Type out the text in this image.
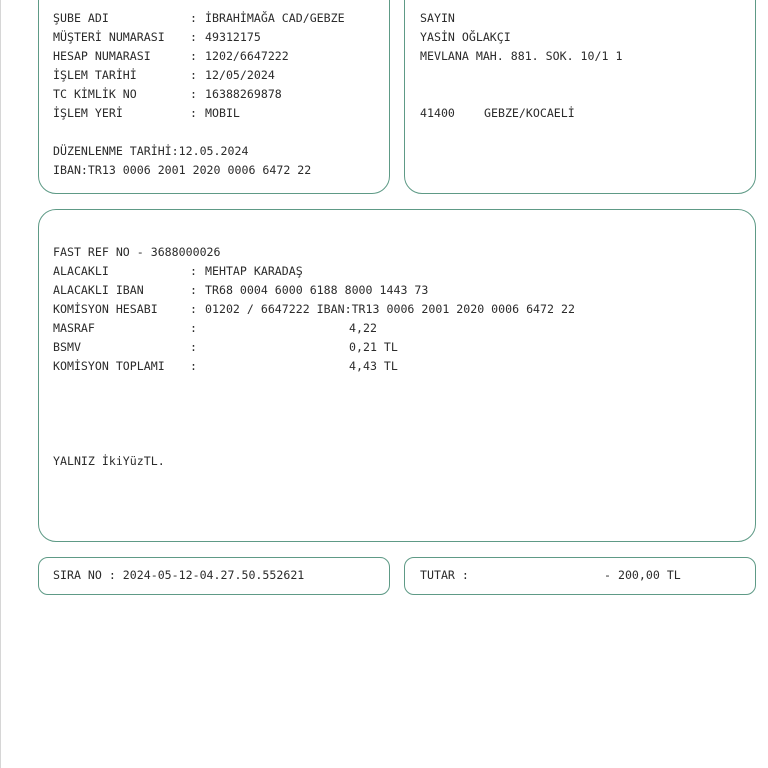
ŞUBE ADI	: İBRAHİMAĞA CAD/GEBZE
MÜŞTERİ NUMARASI : 49312175
HESAP NUMARASI	: 1202/6647222
İŞLEM TARİHİ	: 12/05/2024
TC KİMLİK NO	: 16388269878
İŞLEM YERİ	: MOBIL
DÜZENLENME TARİHİ:12.05.2024
IBAN:TR13 0006 2001 2020 0006 6472 22
SAYIN
YASİN OĞLAKÇI
MEVLANA MAH. 881. SOK. 10/1 1
41400	GEBZE/KOCAELİ
FAST REF NO - 3688000026
ALACAKLI	: MEHTAP KARADAŞ
ALACAKLI IBAN	: TR68 0004 6000 6188 8000 1443 73
KOMİSYON HESABI	: 01202 / 6647222 IBAN:TR13 0006 2001 2020 0006 6472 22
MASRAF	:	4,22
BSMV	:	0,21 TL
KOMİSYON TOPLAMI :	4,43 TL
YALNIZ İkiYüzTL.
SIRA NO : 2024-05-12-04.27.50.552621	TUTAR :	- 200,00 TL
